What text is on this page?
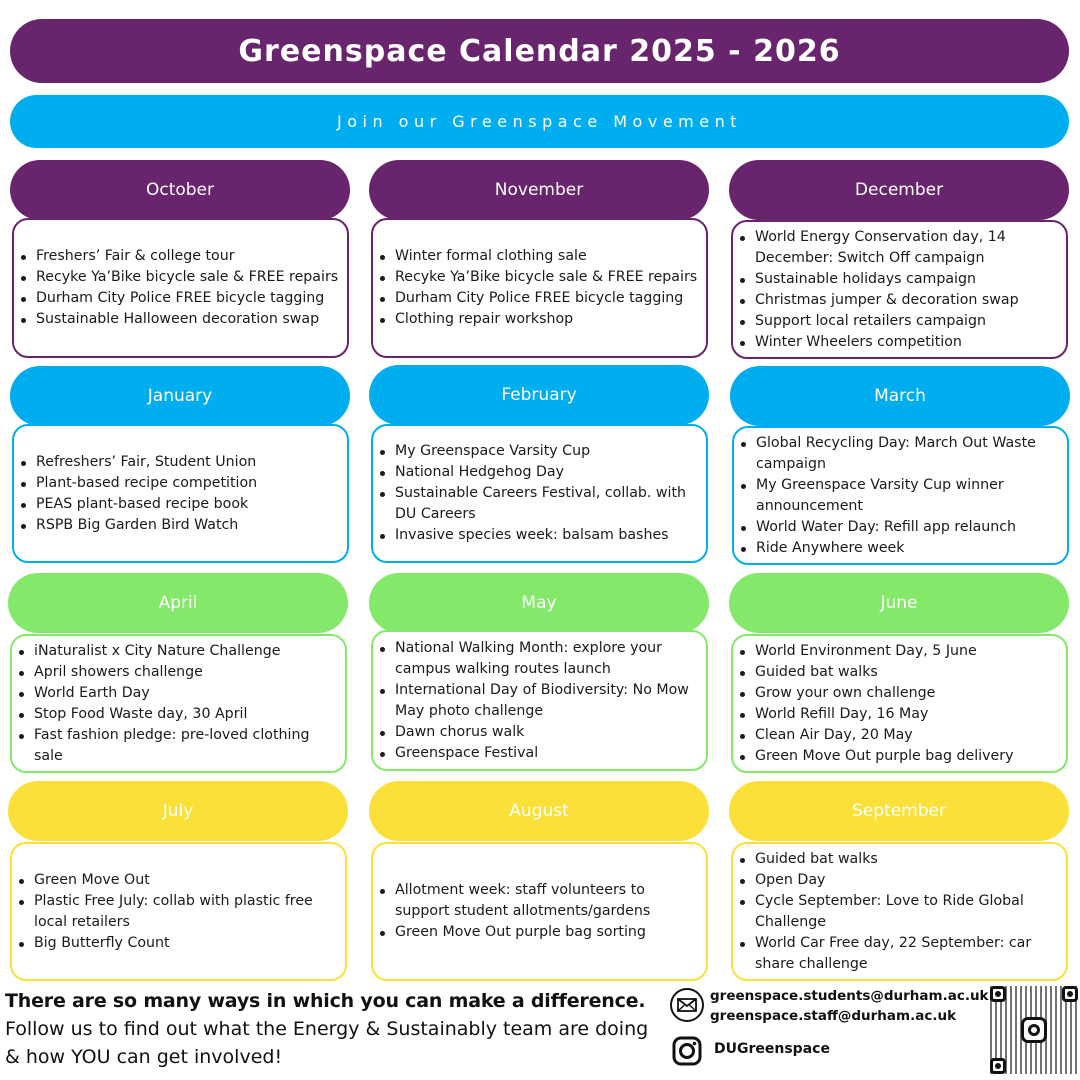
Greenspace Calendar 2025 - 2026
Join our Greenspace Movement
October
Freshers’ Fair & college tour
Recyke Ya’Bike bicycle sale & FREE repairs
Durham City Police FREE bicycle tagging
Sustainable Halloween decoration swap
November
Winter formal clothing sale
Recyke Ya’Bike bicycle sale & FREE repairs
Durham City Police FREE bicycle tagging
Clothing repair workshop
December
World Energy Conservation day, 14 December: Switch Off campaign
Sustainable holidays campaign
Christmas jumper & decoration swap
Support local retailers campaign
Winter Wheelers competition
January
Refreshers’ Fair, Student Union
Plant-based recipe competition
PEAS plant-based recipe book
RSPB Big Garden Bird Watch
February
My Greenspace Varsity Cup
National Hedgehog Day
Sustainable Careers Festival, collab. with DU Careers
Invasive species week: balsam bashes
March
Global Recycling Day: March Out Waste campaign
My Greenspace Varsity Cup winner announcement
World Water Day: Refill app relaunch
Ride Anywhere week
April
iNaturalist x City Nature Challenge
April showers challenge
World Earth Day
Stop Food Waste day, 30 April
Fast fashion pledge: pre-loved clothing sale
May
National Walking Month: explore your campus walking routes launch
International Day of Biodiversity: No Mow May photo challenge
Dawn chorus walk
Greenspace Festival
June
World Environment Day, 5 June
Guided bat walks
Grow your own challenge
World Refill Day, 16 May
Clean Air Day, 20 May
Green Move Out purple bag delivery
July
Green Move Out
Plastic Free July: collab with plastic free local retailers
Big Butterfly Count
August
Allotment week: staff volunteers to support student allotments/gardens
Green Move Out purple bag sorting
September
Guided bat walks
Open Day
Cycle September: Love to Ride Global Challenge
World Car Free day, 22 September: car share challenge
There are so many ways in which you can make a difference.
Follow us to find out what the Energy & Sustainably team are doing & how YOU can get involved!
greenspace.students@durham.ac.uk
greenspace.staff@durham.ac.uk
DUGreenspace
